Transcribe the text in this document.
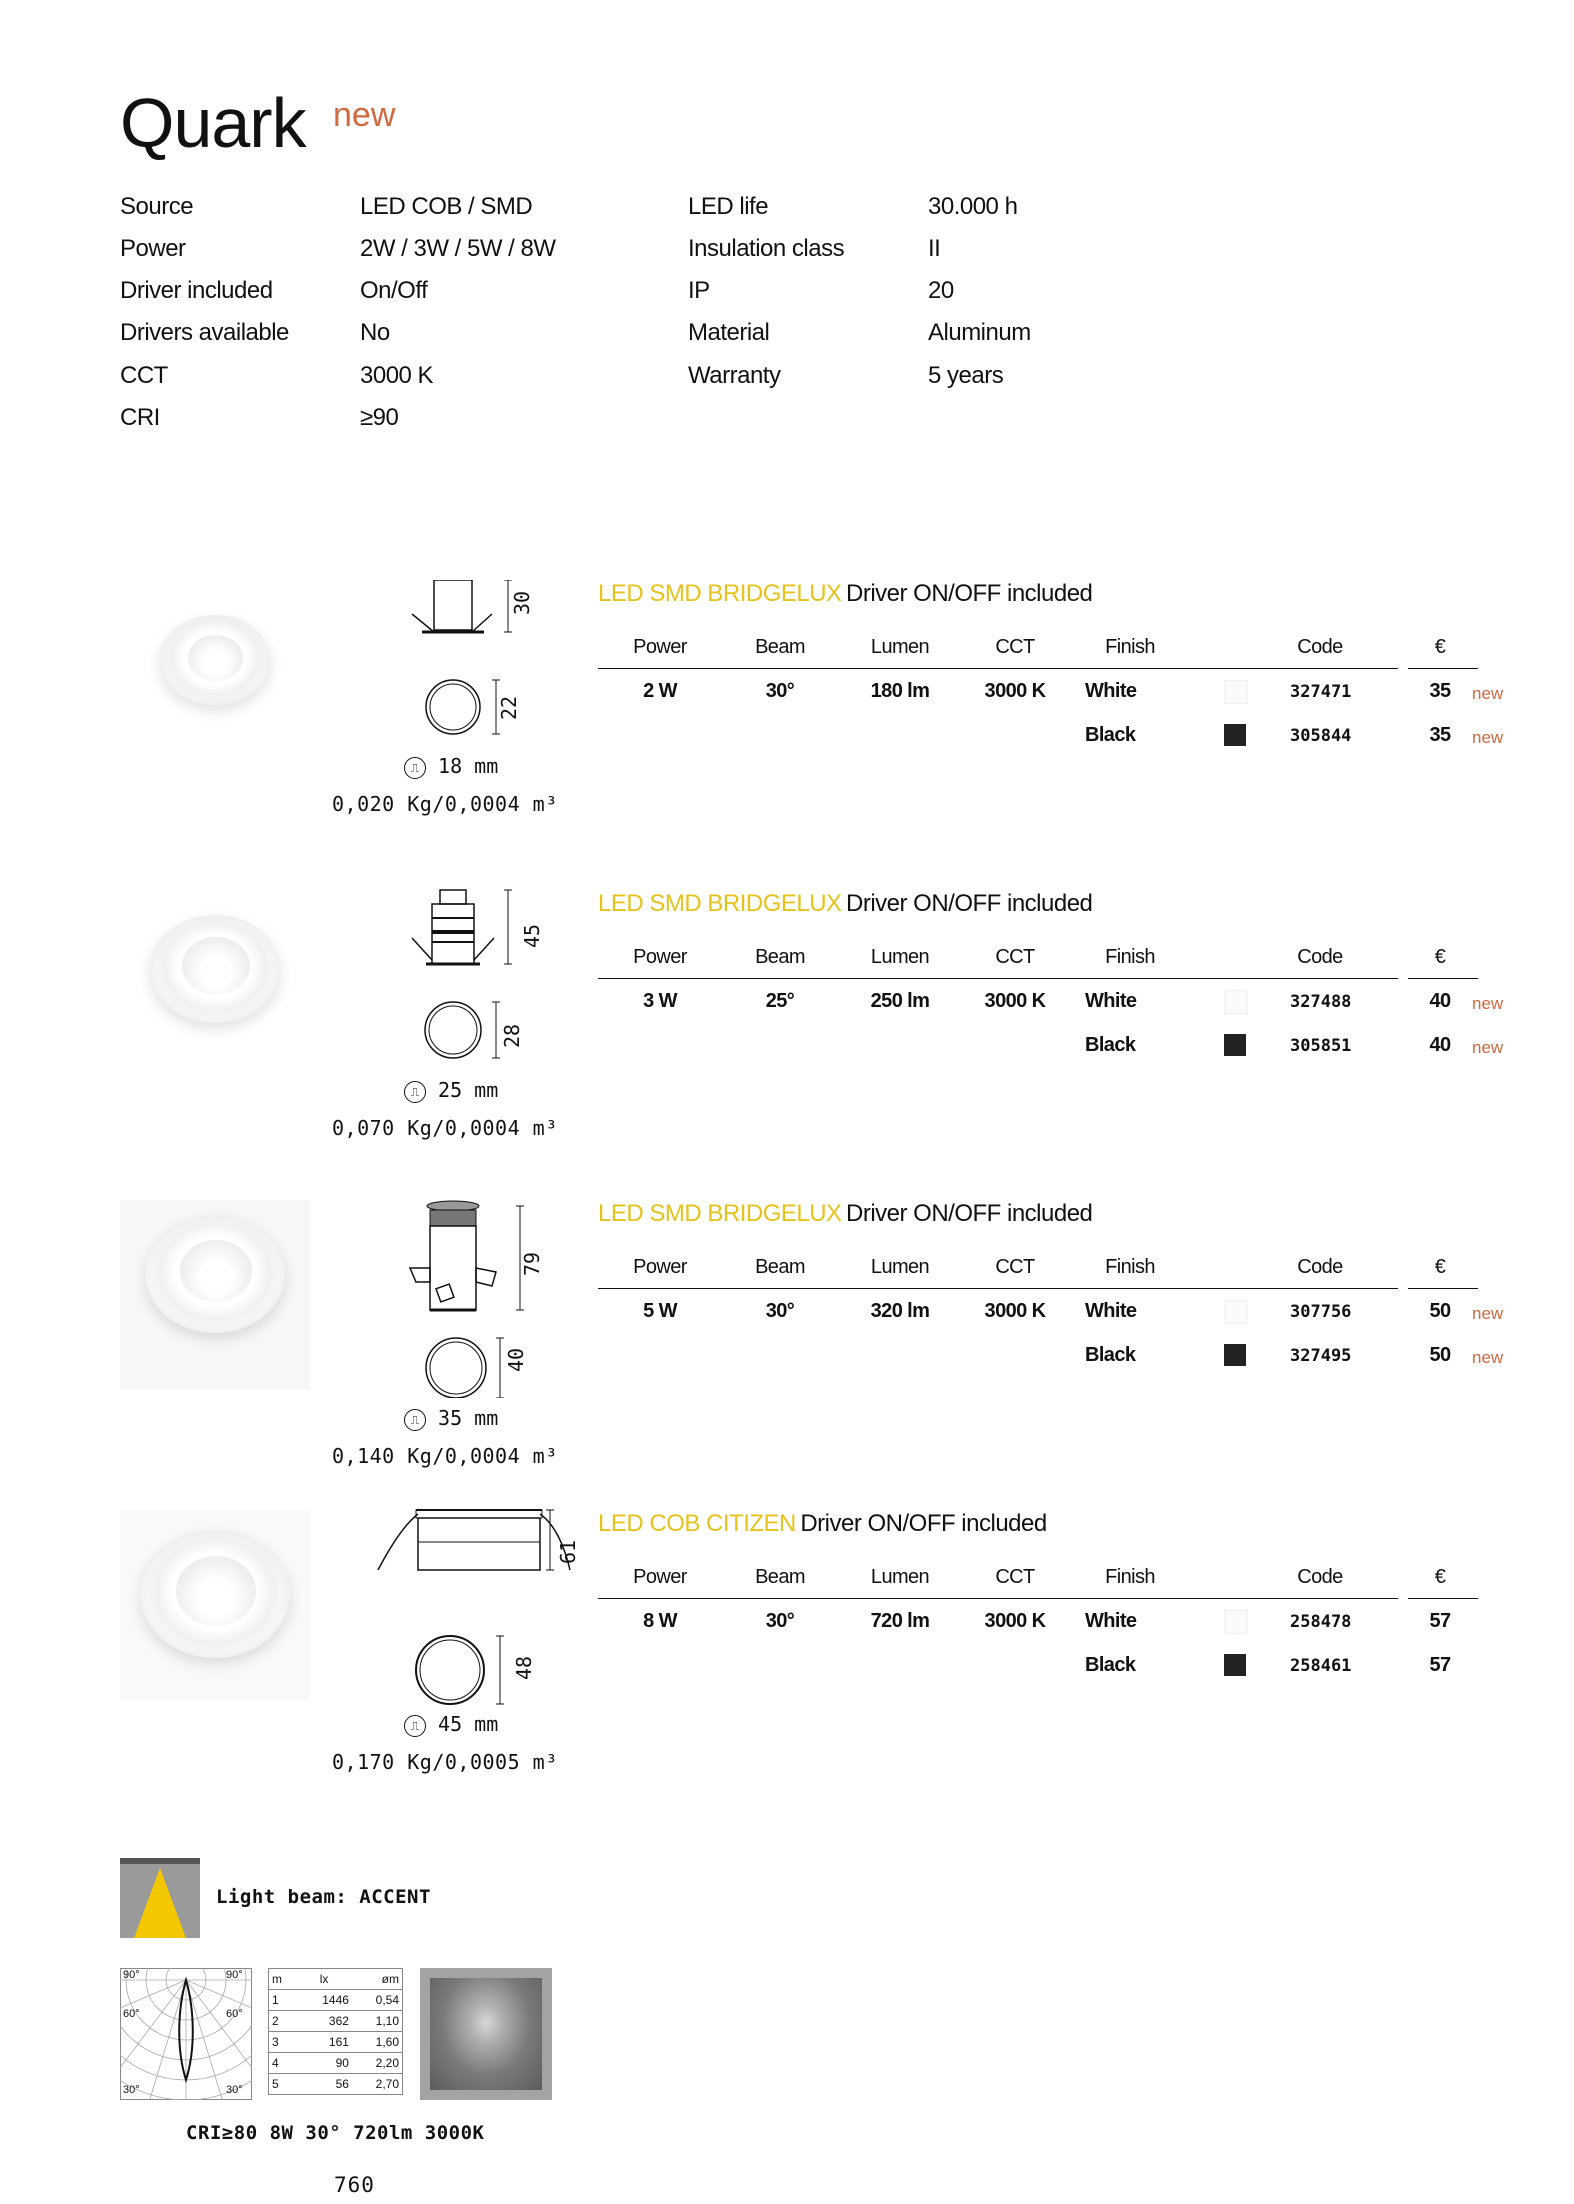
Quark new
Source	LED COB / SMD
Power	2W / 3W / 5W / 8W
Driver included	On/Off
Drivers available	No
CCT	3000 K
CRI	≥90
LED life	30.000 h
Insulation class	II
IP	20
Material	Aluminum
Warranty	5 years
30
22
⎍ 18 mm
0,020 Kg/0,0004 m³
LED SMD BRIDGELUX Driver ON/OFF included
Power	Beam	Lumen	CCT	Finish	Code	€
2 W	30°	180 lm	3000 K	White	327471	35	new
Black	305844	35	new
45
28
⎍ 25 mm
0,070 Kg/0,0004 m³
LED SMD BRIDGELUX Driver ON/OFF included
Power	Beam	Lumen	CCT	Finish	Code	€
3 W	25°	250 lm	3000 K	White	327488	40	new
Black	305851	40	new
79
40
⎍ 35 mm
0,140 Kg/0,0004 m³
LED SMD BRIDGELUX Driver ON/OFF included
Power	Beam	Lumen	CCT	Finish	Code	€
5 W	30°	320 lm	3000 K	White	307756	50	new
Black	327495	50	new
61
48
⎍ 45 mm
0,170 Kg/0,0005 m³
LED COB CITIZEN Driver ON/OFF included
Power	Beam	Lumen	CCT	Finish	Code	€
8 W	30°	720 lm	3000 K	White	258478	57
Black	258461	57
Light beam: ACCENT
90°	90°
60°	60°
30°	30°
m	lx	øm
1	1446	0,54
2	362	1,10
3	161	1,60
4	90	2,20
5	56	2,70
CRI≥80 8W 30° 720lm 3000K
760
